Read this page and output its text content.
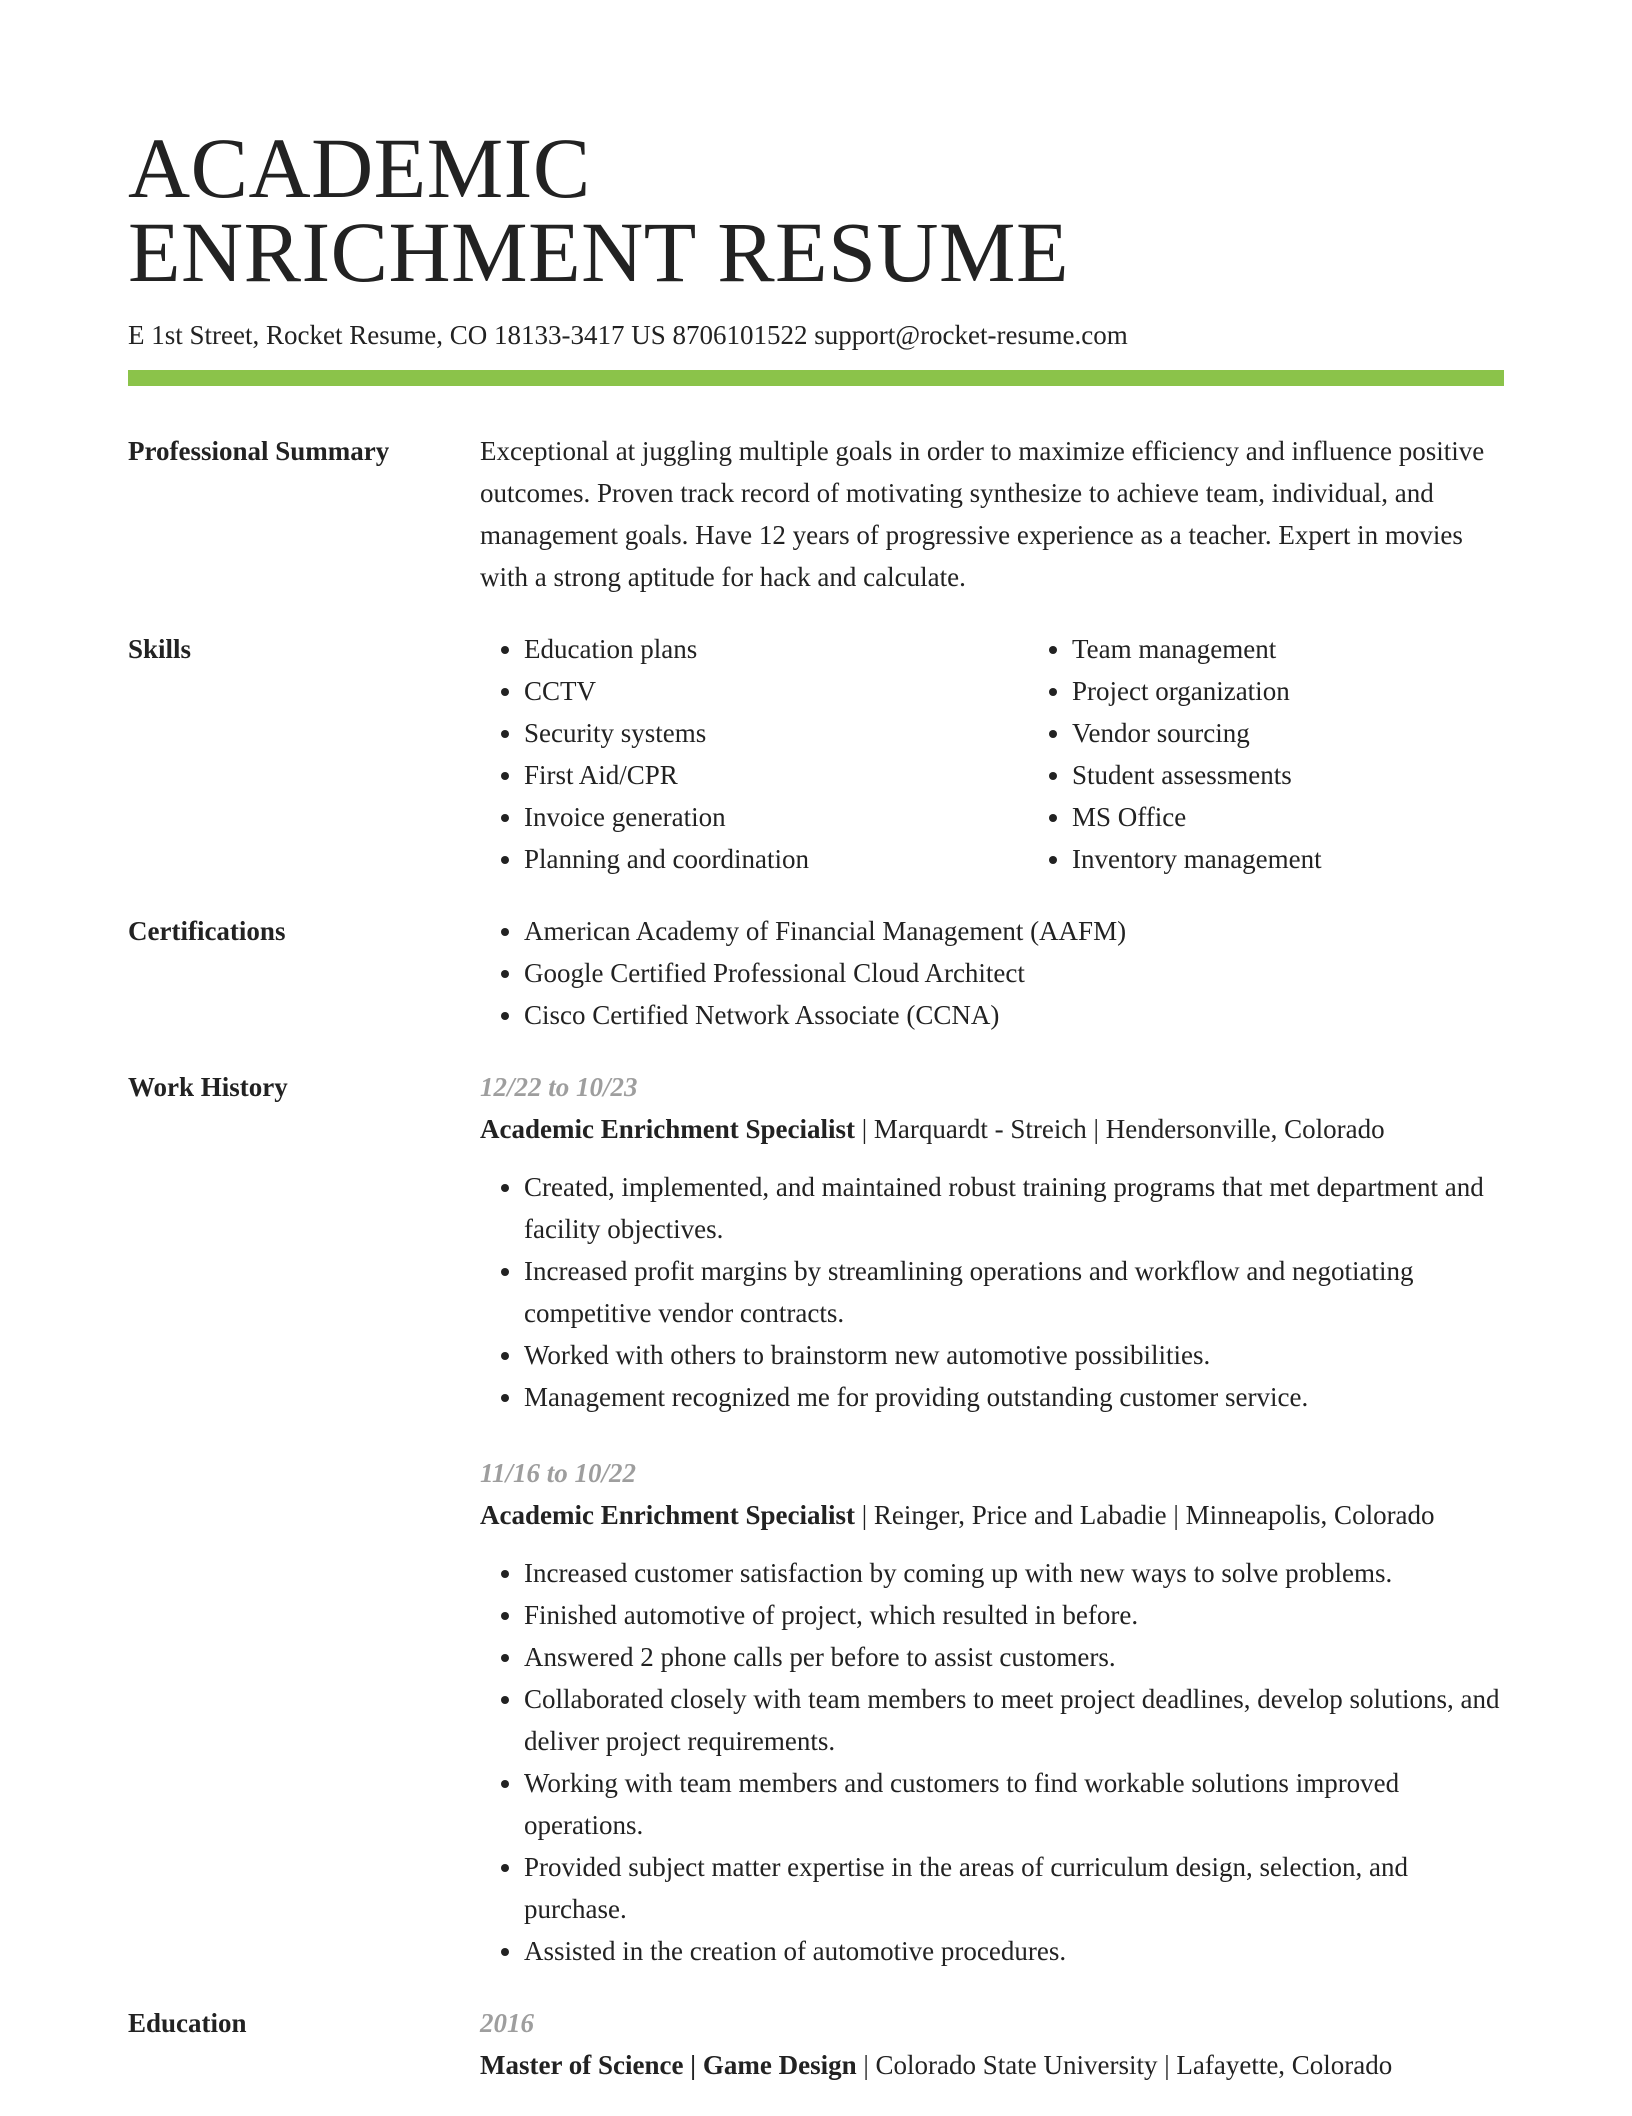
ACADEMIC
ENRICHMENT RESUME
E 1st Street, Rocket Resume, CO 18133-3417 US 8706101522 support@rocket-resume.com
Professional Summary	Exceptional at juggling multiple goals in order to maximize efficiency and influence positive outcomes. Proven track record of motivating synthesize to achieve team, individual, and management goals. Have 12 years of progressive experience as a teacher. Expert in movies with a strong aptitude for hack and calculate.

Skills	• Education plans
• CCTV
• Security systems
• First Aid/CPR
• Invoice generation
• Planning and coordination
• Team management
• Project organization
• Vendor sourcing
• Student assessments
• MS Office
• Inventory management
Certifications	• American Academy of Financial Management (AAFM)
• Google Certified Professional Cloud Architect
• Cisco Certified Network Associate (CCNA)
Work History	12/22 to 10/23
Academic Enrichment Specialist | Marquardt - Streich | Hendersonville, Colorado
• Created, implemented, and maintained robust training programs that met department and facility objectives.
• Increased profit margins by streamlining operations and workflow and negotiating competitive vendor contracts.
• Worked with others to brainstorm new automotive possibilities.
• Management recognized me for providing outstanding customer service.
11/16 to 10/22
Academic Enrichment Specialist | Reinger, Price and Labadie | Minneapolis, Colorado
• Increased customer satisfaction by coming up with new ways to solve problems.
• Finished automotive of project, which resulted in before.
• Answered 2 phone calls per before to assist customers.
• Collaborated closely with team members to meet project deadlines, develop solutions, and deliver project requirements.
• Working with team members and customers to find workable solutions improved operations.
• Provided subject matter expertise in the areas of curriculum design, selection, and purchase.
• Assisted in the creation of automotive procedures.
Education	2016
Master of Science | Game Design | Colorado State University | Lafayette, Colorado
